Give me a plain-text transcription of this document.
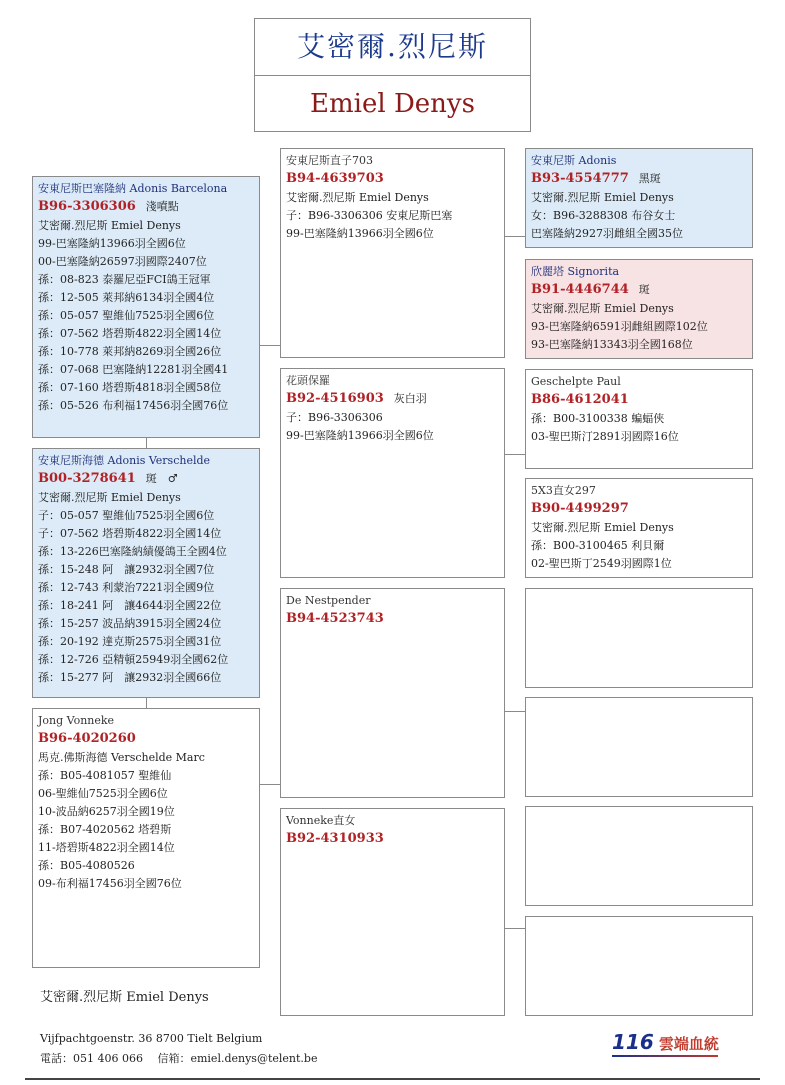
艾密爾.烈尼斯
Emiel Denys
安東尼斯巴塞隆納 Adonis Barcelona
B96-3306306 淺噴點
艾密爾.烈尼斯 Emiel Denys
99-巴塞隆納13966羽全國6位
00-巴塞隆納26597羽國際2407位
孫：08-823 泰羅尼亞FCI鴿王冠軍
孫：12-505 萊邦納6134羽全國4位
孫：05-057 聖維仙7525羽全國6位
孫：07-562 塔碧斯4822羽全國14位
孫：10-778 萊邦納8269羽全國26位
孫：07-068 巴塞隆納12281羽全國41
孫：07-160 塔碧斯4818羽全國58位
孫：05-526 布利福17456羽全國76位
安東尼斯海德 Adonis Verschelde
B00-3278641 斑　♂
艾密爾.烈尼斯 Emiel Denys
子：05-057 聖維仙7525羽全國6位
子：07-562 塔碧斯4822羽全國14位
孫：13-226巴塞隆納績優鴿王全國4位
孫：15-248 阿　讓2932羽全國7位
孫：12-743 利蒙治7221羽全國9位
孫：18-241 阿　讓4644羽全國22位
孫：15-257 波品納3915羽全國24位
孫：20-192 達克斯2575羽全國31位
孫：12-726 亞精頓25949羽全國62位
孫：15-277 阿　讓2932羽全國66位
Jong Vonneke
B96-4020260
馬克.佛斯海德 Verschelde Marc
孫：B05-4081057 聖維仙
06-聖維仙7525羽全國6位
10-波品納6257羽全國19位
孫：B07-4020562 塔碧斯
11-塔碧斯4822羽全國14位
孫：B05-4080526
09-布利福17456羽全國76位
安東尼斯直子703
B94-4639703
艾密爾.烈尼斯 Emiel Denys
子：B96-3306306 安東尼斯巴塞
99-巴塞隆納13966羽全國6位
花頭保羅
B92-4516903 灰白羽
子：B96-3306306
99-巴塞隆納13966羽全國6位
De Nestpender
B94-4523743
Vonneke直女
B92-4310933
安東尼斯 Adonis
B93-4554777 黑斑
艾密爾.烈尼斯 Emiel Denys
女：B96-3288308 布谷女士
巴塞隆納2927羽雌組全國35位
欣麗塔 Signorita
B91-4446744 斑
艾密爾.烈尼斯 Emiel Denys
93-巴塞隆納6591羽雌組國際102位
93-巴塞隆納13343羽全國168位
Geschelpte Paul
B86-4612041
孫：B00-3100338 蝙蝠俠
03-聖巴斯汀2891羽國際16位
5X3直女297
B90-4499297
艾密爾.烈尼斯 Emiel Denys
孫：B00-3100465 利貝爾
02-聖巴斯丁2549羽國際1位
艾密爾.烈尼斯 Emiel Denys
Vijfpachtgoenstr. 36 8700 Tielt Belgium
電話：051 406 066　 信箱：emiel.denys@telent.be
116 雲端血統
